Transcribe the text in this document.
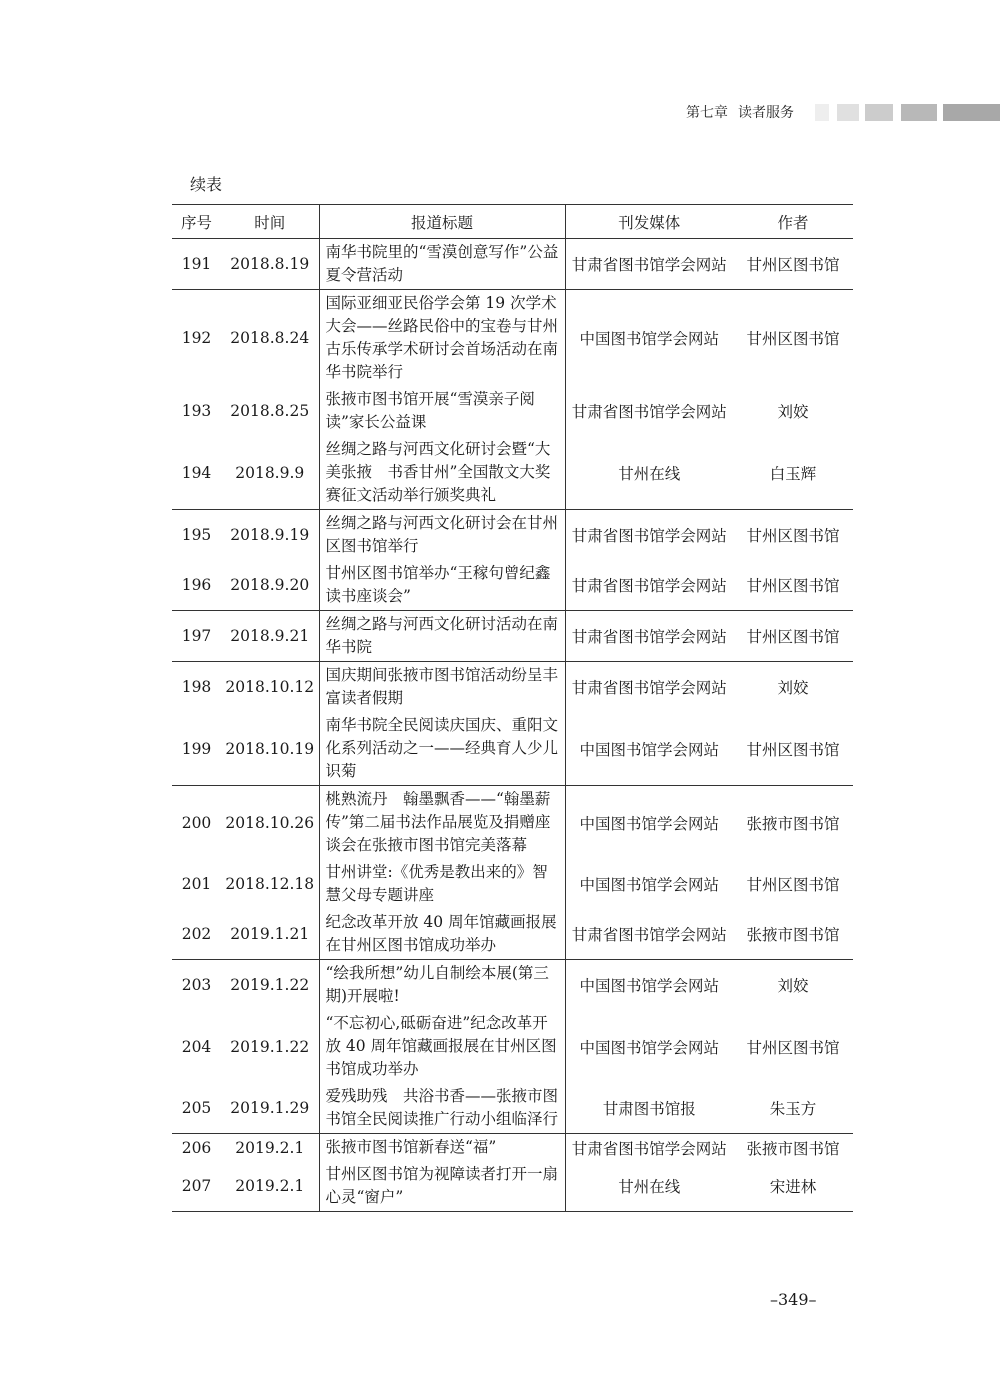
第七章 读者服务
续表
序号	时间	报道标题	刊发媒体	作者
191	2018.8.19	南华书院里的“雪漠创意写作”公益夏令营活动	甘肃省图书馆学会网站	甘州区图书馆
192	2018.8.24	国际亚细亚民俗学会第 19 次学术大会——丝路民俗中的宝卷与甘州古乐传承学术研讨会首场活动在南华书院举行	中国图书馆学会网站	甘州区图书馆
193	2018.8.25	张掖市图书馆开展“雪漠亲子阅读”家长公益课	甘肃省图书馆学会网站	刘姣
194	2018.9.9	丝绸之路与河西文化研讨会暨“大美张掖　书香甘州”全国散文大奖赛征文活动举行颁奖典礼	甘州在线	白玉辉
195	2018.9.19	丝绸之路与河西文化研讨会在甘州区图书馆举行	甘肃省图书馆学会网站	甘州区图书馆
196	2018.9.20	甘州区图书馆举办“王稼句曾纪鑫读书座谈会”	甘肃省图书馆学会网站	甘州区图书馆
197	2018.9.21	丝绸之路与河西文化研讨活动在南华书院	甘肃省图书馆学会网站	甘州区图书馆
198	2018.10.12	国庆期间张掖市图书馆活动纷呈丰富读者假期	甘肃省图书馆学会网站	刘姣
199	2018.10.19	南华书院全民阅读庆国庆、重阳文化系列活动之一——经典育人少儿识菊	中国图书馆学会网站	甘州区图书馆
200	2018.10.26	桃熟流丹　翰墨飘香——“翰墨薪传”第二届书法作品展览及捐赠座谈会在张掖市图书馆完美落幕	中国图书馆学会网站	张掖市图书馆
201	2018.12.18	甘州讲堂:《优秀是教出来的》智慧父母专题讲座	中国图书馆学会网站	甘州区图书馆
202	2019.1.21	纪念改革开放 40 周年馆藏画报展在甘州区图书馆成功举办	甘肃省图书馆学会网站	张掖市图书馆
203	2019.1.22	“绘我所想”幼儿自制绘本展(第三期)开展啦!	中国图书馆学会网站	刘姣
204	2019.1.22	“不忘初心,砥砺奋进”纪念改革开放 40 周年馆藏画报展在甘州区图书馆成功举办	中国图书馆学会网站	甘州区图书馆
205	2019.1.29	爱残助残　共浴书香——张掖市图书馆全民阅读推广行动小组临泽行	甘肃图书馆报	朱玉方
206	2019.2.1	张掖市图书馆新春送“福”	甘肃省图书馆学会网站	张掖市图书馆
207	2019.2.1	甘州区图书馆为视障读者打开一扇心灵“窗户”	甘州在线	宋进林
–349–
